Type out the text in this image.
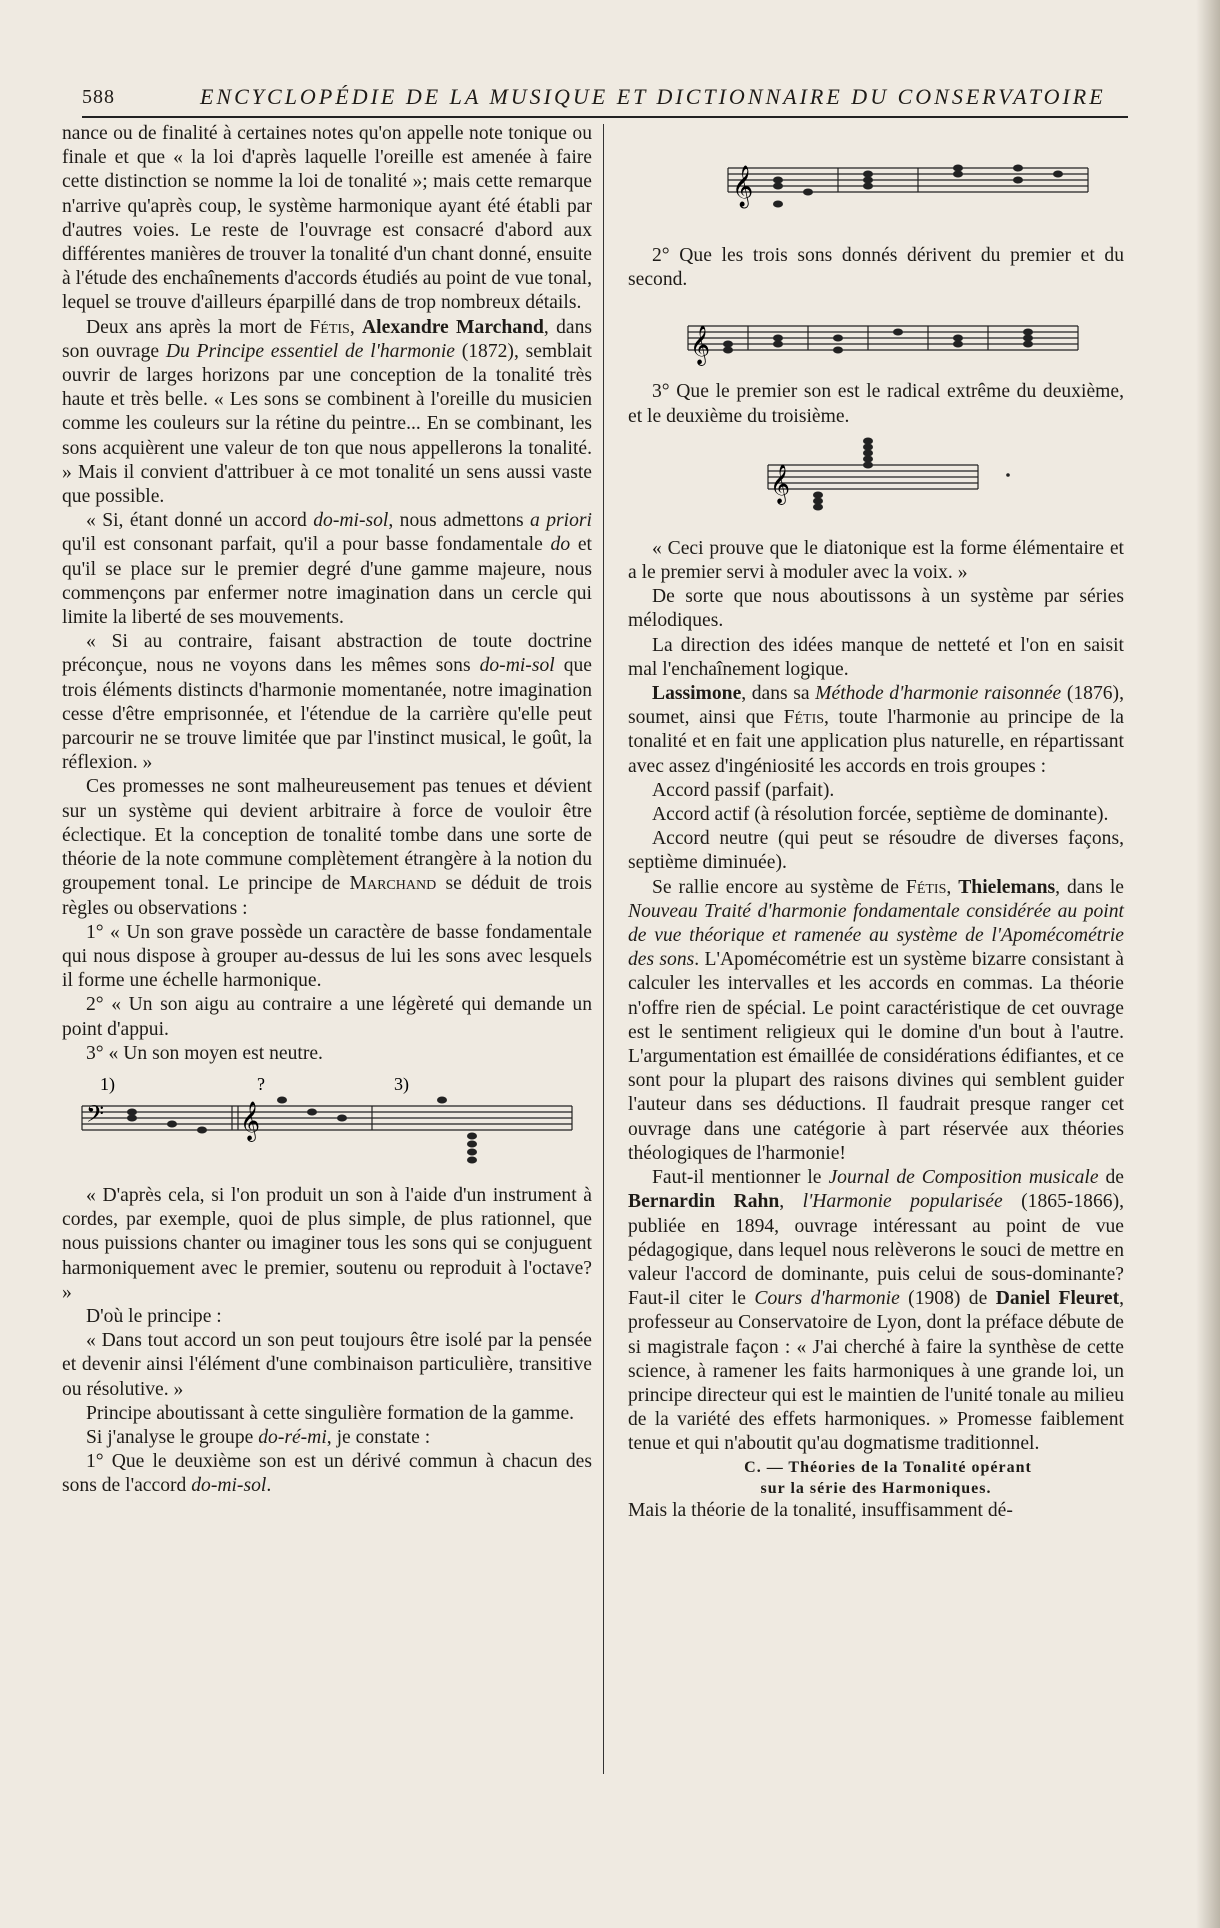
588	ENCYCLOPÉDIE DE LA MUSIQUE ET DICTIONNAIRE DU CONSERVATOIRE

nance ou de finalité à certaines notes qu'on appelle note tonique ou finale et que « la loi d'après laquelle l'oreille est amenée à faire cette distinction se nomme la loi de tonalité »; mais cette remarque n'arrive qu'après coup, le système harmonique ayant été établi par d'autres voies. Le reste de l'ouvrage est consacré d'abord aux différentes manières de trouver la tonalité d'un chant donné, ensuite à l'étude des enchaînements d'accords étudiés au point de vue tonal, lequel se trouve d'ailleurs éparpillé dans de trop nombreux détails.

Deux ans après la mort de Fétis, Alexandre Marchand, dans son ouvrage Du Principe essentiel de l'harmonie (1872), semblait ouvrir de larges horizons par une conception de la tonalité très haute et très belle. « Les sons se combinent à l'oreille du musicien comme les couleurs sur la rétine du peintre... En se combinant, les sons acquièrent une valeur de ton que nous appellerons la tonalité. » Mais il convient d'attribuer à ce mot tonalité un sens aussi vaste que possible.

« Si, étant donné un accord do-mi-sol, nous admettons a priori qu'il est consonant parfait, qu'il a pour basse fondamentale do et qu'il se place sur le premier degré d'une gamme majeure, nous commençons par enfermer notre imagination dans un cercle qui limite la liberté de ses mouvements.

« Si au contraire, faisant abstraction de toute doctrine préconçue, nous ne voyons dans les mêmes sons do-mi-sol que trois éléments distincts d'harmonie momentanée, notre imagination cesse d'être emprisonnée, et l'étendue de la carrière qu'elle peut parcourir ne se trouve limitée que par l'instinct musical, le goût, la réflexion. »

Ces promesses ne sont malheureusement pas tenues et dévient sur un système qui devient arbitraire à force de vouloir être éclectique. Et la conception de tonalité tombe dans une sorte de théorie de la note commune complètement étrangère à la notion du groupement tonal. Le principe de Marchand se déduit de trois règles ou observations :

1° « Un son grave possède un caractère de basse fondamentale qui nous dispose à grouper au-dessus de lui les sons avec lesquels il forme une échelle harmonique.

2° « Un son aigu au contraire a une légèreté qui demande un point d'appui.

3° « Un son moyen est neutre.

1)	?	3)
𝄢	𝄞

« D'après cela, si l'on produit un son à l'aide d'un instrument à cordes, par exemple, quoi de plus simple, de plus rationnel, que nous puissions chanter ou imaginer tous les sons qui se conjuguent harmoniquement avec le premier, soutenu ou reproduit à l'octave? »

D'où le principe :

« Dans tout accord un son peut toujours être isolé par la pensée et devenir ainsi l'élément d'une combinaison particulière, transitive ou résolutive. »

Principe aboutissant à cette singulière formation de la gamme.

Si j'analyse le groupe do-ré-mi, je constate :

1° Que le deuxième son est un dérivé commun à chacun des sons de l'accord do-mi-sol.

𝄞

2° Que les trois sons donnés dérivent du premier et du second.

𝄞

3° Que le premier son est le radical extrême du deuxième, et le deuxième du troisième.

𝄞

« Ceci prouve que le diatonique est la forme élémentaire et a le premier servi à moduler avec la voix. »

De sorte que nous aboutissons à un système par séries mélodiques.

La direction des idées manque de netteté et l'on en saisit mal l'enchaînement logique.

Lassimone, dans sa Méthode d'harmonie raisonnée (1876), soumet, ainsi que Fétis, toute l'harmonie au principe de la tonalité et en fait une application plus naturelle, en répartissant avec assez d'ingéniosité les accords en trois groupes :

Accord passif (parfait).

Accord actif (à résolution forcée, septième de dominante).

Accord neutre (qui peut se résoudre de diverses façons, septième diminuée).

Se rallie encore au système de Fétis, Thielemans, dans le Nouveau Traité d'harmonie fondamentale considérée au point de vue théorique et ramenée au système de l'Apomécométrie des sons. L'Apomécométrie est un système bizarre consistant à calculer les intervalles et les accords en commas. La théorie n'offre rien de spécial. Le point caractéristique de cet ouvrage est le sentiment religieux qui le domine d'un bout à l'autre. L'argumentation est émaillée de considérations édifiantes, et ce sont pour la plupart des raisons divines qui semblent guider l'auteur dans ses déductions. Il faudrait presque ranger cet ouvrage dans une catégorie à part réservée aux théories théologiques de l'harmonie!

Faut-il mentionner le Journal de Composition musicale de Bernardin Rahn, l'Harmonie popularisée (1865-1866), publiée en 1894, ouvrage intéressant au point de vue pédagogique, dans lequel nous relèverons le souci de mettre en valeur l'accord de dominante, puis celui de sous-dominante? Faut-il citer le Cours d'harmonie (1908) de Daniel Fleuret, professeur au Conservatoire de Lyon, dont la préface débute de si magistrale façon : « J'ai cherché à faire la synthèse de cette science, à ramener les faits harmoniques à une grande loi, un principe directeur qui est le maintien de l'unité tonale au milieu de la variété des effets harmoniques. » Promesse faiblement tenue et qui n'aboutit qu'au dogmatisme traditionnel.

C. — Théories de la Tonalité opérant
sur la série des Harmoniques.

Mais la théorie de la tonalité, insuffisamment dé-
